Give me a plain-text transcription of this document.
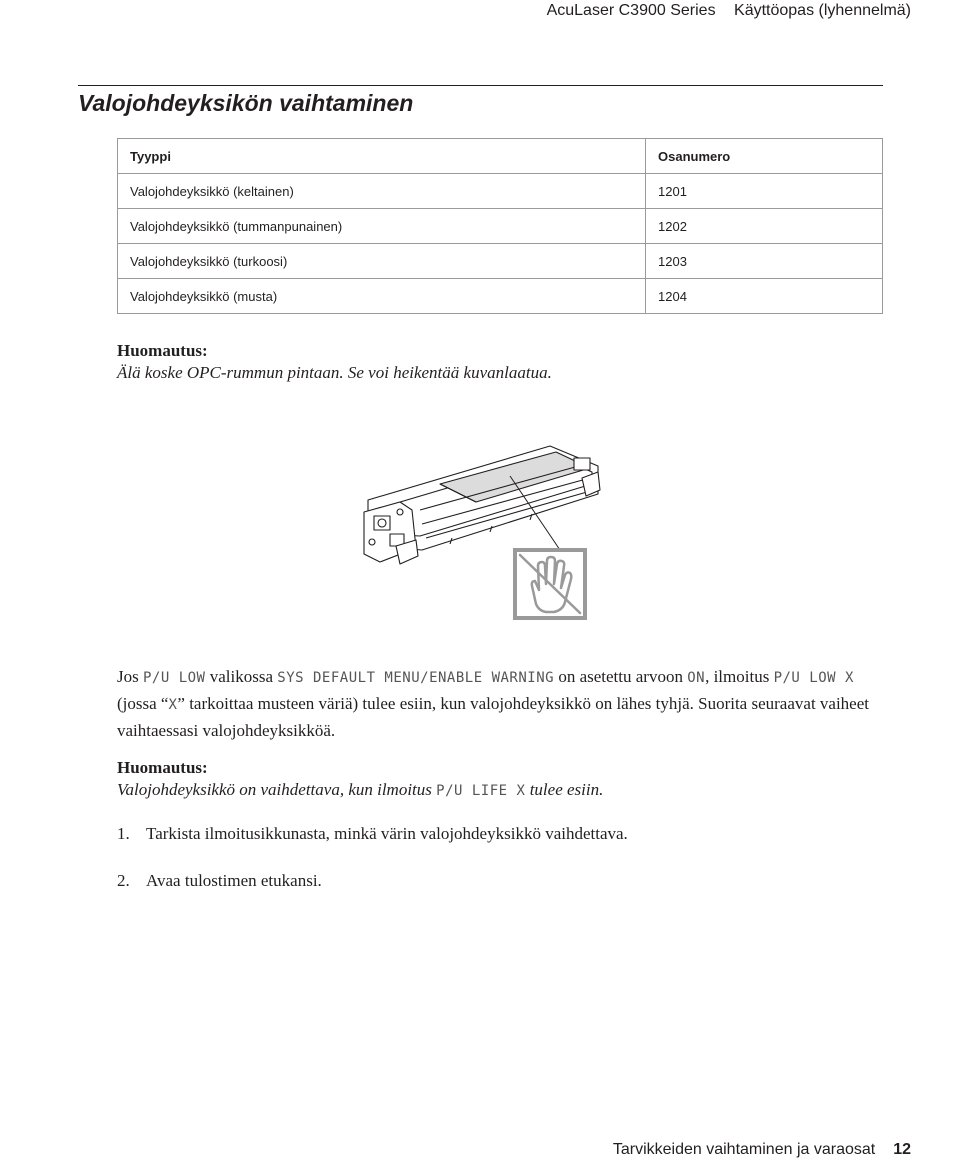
AcuLaser C3900 Series Käyttöopas (lyhennelmä)
Valojohdeyksikön vaihtaminen
Tyyppi	Osanumero
Valojohdeyksikkö (keltainen)	1201
Valojohdeyksikkö (tummanpunainen)	1202
Valojohdeyksikkö (turkoosi)	1203
Valojohdeyksikkö (musta)	1204

Huomautus:

Älä koske OPC-rummun pintaan. Se voi heikentää kuvanlaatua.

Jos P/U LOW valikossa SYS DEFAULT MENU/ENABLE WARNING on asetettu arvoon ON, ilmoitus P/U LOW X (jossa “X” tarkoittaa musteen väriä) tulee esiin, kun valojohdeyksikkö on lähes tyhjä. Suorita seuraavat vaiheet vaihtaessasi valojohdeyksikköä.

Huomautus:

Valojohdeyksikkö on vaihdettava, kun ilmoitus P/U LIFE X tulee esiin.

1. Tarkista ilmoitusikkunasta, minkä värin valojohdeyksikkö vaihdettava.

2. Avaa tulostimen etukansi.

Tarvikkeiden vaihtaminen ja varaosat 12
